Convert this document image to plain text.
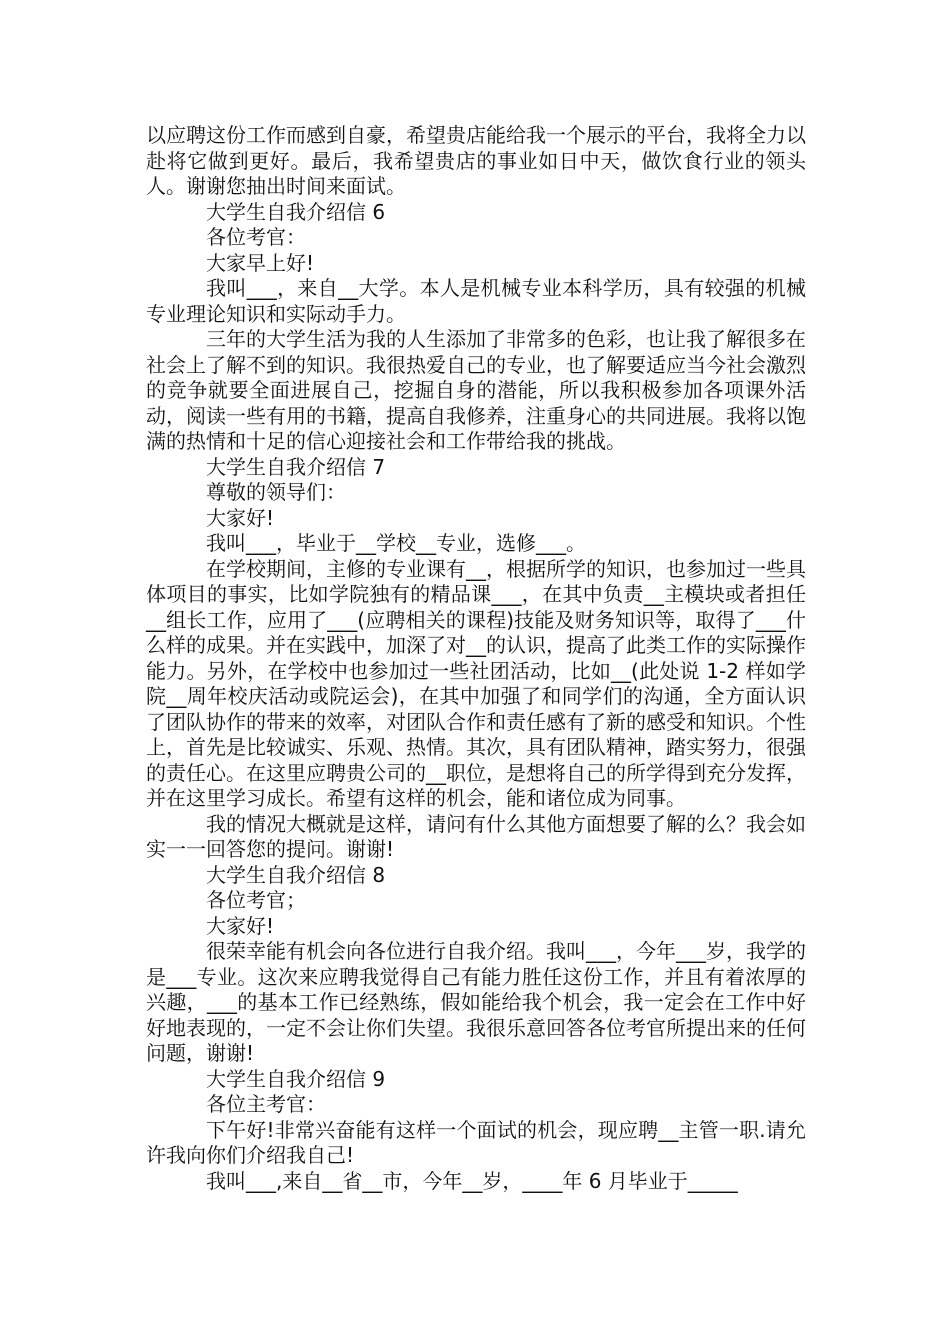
以应聘这份工作而感到自豪，希望贵店能给我一个展示的平台，我将全力以赴将它做到更好。最后，我希望贵店的事业如日中天，做饮食行业的领头人。谢谢您抽出时间来面试。

大学生自我介绍信 6

各位考官：

大家早上好!

我叫___，来自__大学。本人是机械专业本科学历，具有较强的机械专业理论知识和实际动手力。

三年的大学生活为我的人生添加了非常多的色彩，也让我了解很多在社会上了解不到的知识。我很热爱自己的专业，也了解要适应当今社会激烈的竞争就要全面进展自己，挖掘自身的潜能，所以我积极参加各项课外活动，阅读一些有用的书籍，提高自我修养，注重身心的共同进展。我将以饱满的热情和十足的信心迎接社会和工作带给我的挑战。

大学生自我介绍信 7

尊敬的领导们：

大家好!

我叫___，毕业于__学校__专业，选修___。

在学校期间，主修的专业课有__，根据所学的知识，也参加过一些具体项目的事实，比如学院独有的精品课___，在其中负责__主模块或者担任__组长工作，应用了___(应聘相关的课程)技能及财务知识等，取得了___什么样的成果。并在实践中，加深了对__的认识，提高了此类工作的实际操作能力。另外，在学校中也参加过一些社团活动，比如__(此处说 1-2 样如学院__周年校庆活动或院运会)，在其中加强了和同学们的沟通，全方面认识了团队协作的带来的效率，对团队合作和责任感有了新的感受和知识。个性上，首先是比较诚实、乐观、热情。其次，具有团队精神，踏实努力，很强的责任心。在这里应聘贵公司的__职位，是想将自己的所学得到充分发挥，并在这里学习成长。希望有这样的机会，能和诸位成为同事。

我的情况大概就是这样，请问有什么其他方面想要了解的么？我会如实一一回答您的提问。谢谢!

大学生自我介绍信 8

各位考官；

大家好!

很荣幸能有机会向各位进行自我介绍。我叫___，今年___岁，我学的是___专业。这次来应聘我觉得自己有能力胜任这份工作，并且有着浓厚的兴趣，___的基本工作已经熟练，假如能给我个机会，我一定会在工作中好好地表现的，一定不会让你们失望。我很乐意回答各位考官所提出来的任何问题，谢谢!

大学生自我介绍信 9

各位主考官：

下午好!非常兴奋能有这样一个面试的机会，现应聘__主管一职.请允许我向你们介绍我自己!

我叫___,来自__省__市，今年__岁，____年 6 月毕业于_____
